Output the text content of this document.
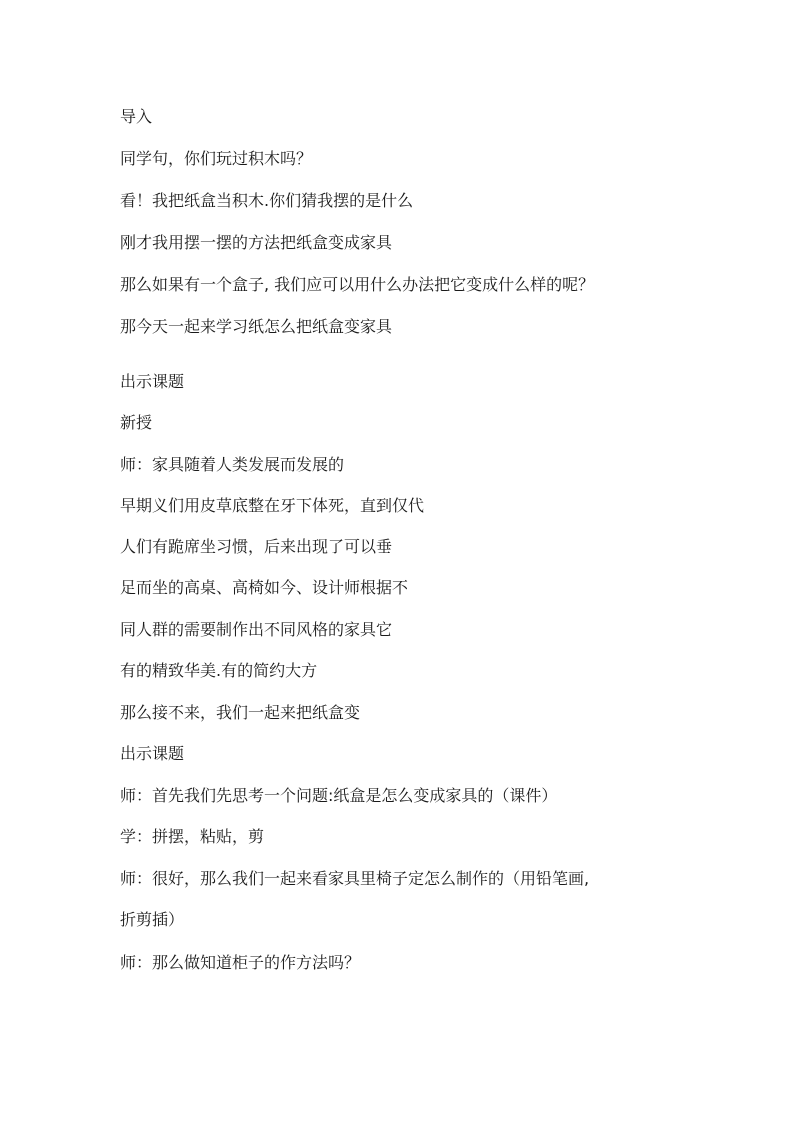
导入
同学句，你们玩过积木吗？
看！我把纸盒当积木.你们猜我摆的是什么
刚才我用摆一摆的方法把纸盒变成家具
那么如果有一个盒子, 我们应可以用什么办法把它变成什么样的呢？
那今天一起来学习纸怎么把纸盒变家具
出示课题
新授
师：家具随着人类发展而发展的
早期义们用皮草底整在牙下体死，直到仅代
人们有跪席坐习惯，后来出现了可以垂
足而坐的高桌、高椅如今、设计师根据不
同人群的需要制作出不同风格的家具它
有的精致华美.有的简约大方
那么接不来，我们一起来把纸盒变
出示课题
师：首先我们先思考一个问题:纸盒是怎么变成家具的（课件）
学：拼摆，粘贴，剪
师：很好，那么我们一起来看家具里椅子定怎么制作的（用铅笔画,
折剪插）
师：那么做知道柜子的作方法吗？
